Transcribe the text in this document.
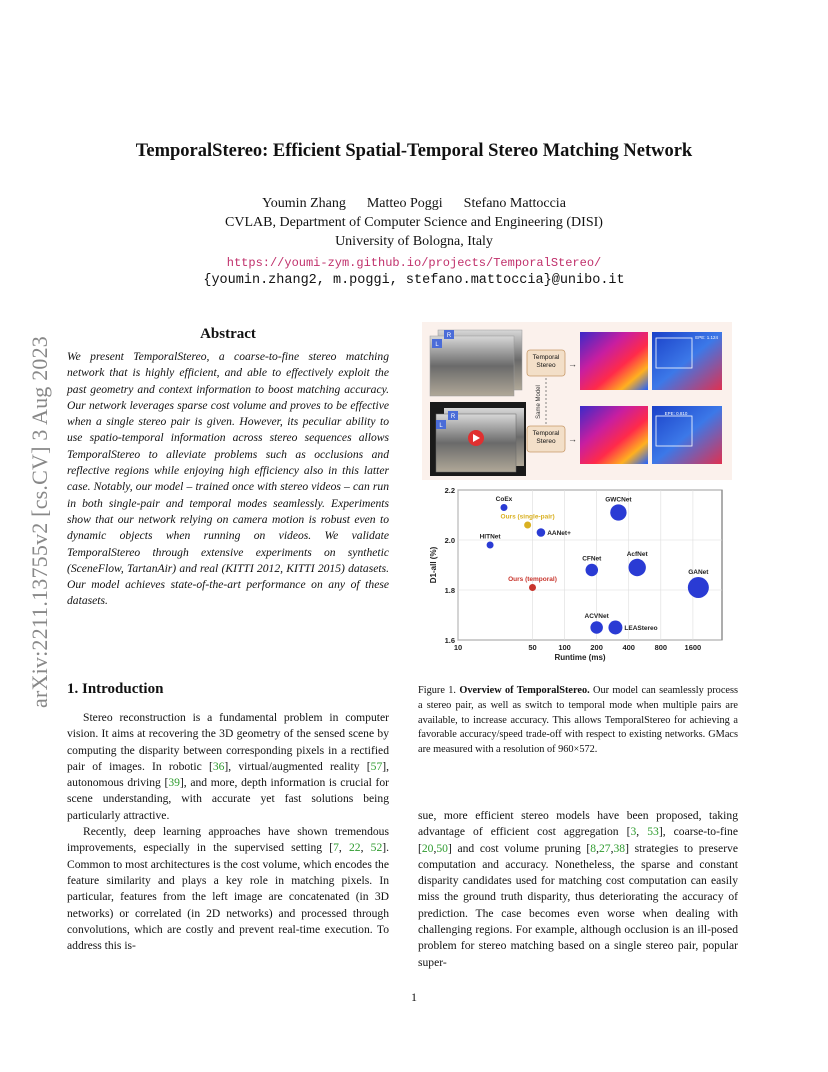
arXiv:2211.13755v2 [cs.CV] 3 Aug 2023
TemporalStereo: Efficient Spatial-Temporal Stereo Matching Network
Youmin Zhang      Matteo Poggi      Stefano Mattoccia
CVLAB, Department of Computer Science and Engineering (DISI)
University of Bologna, Italy
https://youmi-zym.github.io/projects/TemporalStereo/
{youmin.zhang2, m.poggi, stefano.mattoccia}@unibo.it
Abstract
We present TemporalStereo, a coarse-to-fine stereo matching network that is highly efficient, and able to effectively exploit the past geometry and context information to boost matching accuracy. Our network leverages sparse cost volume and proves to be effective when a single stereo pair is given. However, its peculiar ability to use spatio-temporal information across stereo sequences allows TemporalStereo to alleviate problems such as occlusions and reflective regions while enjoying high efficiency also in this latter case. Notably, our model – trained once with stereo videos – can run in both single-pair and temporal modes seamlessly. Experiments show that our network relying on camera motion is robust even to dynamic objects when running on videos. We validate TemporalStereo through extensive experiments on synthetic (SceneFlow, TartanAir) and real (KITTI 2012, KITTI 2015) datasets. Our model achieves state-of-the-art performance on any of these datasets.
1. Introduction

Stereo reconstruction is a fundamental problem in computer vision. It aims at recovering the 3D geometry of the sensed scene by computing the disparity between corresponding pixels in a rectified pair of images. In robotic [36], virtual/augmented reality [57], autonomous driving [39], and more, depth information is crucial for scene understanding, with accurate yet fast solutions being particularly attractive.

Recently, deep learning approaches have shown tremendous improvements, especially in the supervised setting [7, 22, 52]. Common to most architectures is the cost volume, which encodes the feature similarity and plays a key role in matching pixels. In particular, features from the left image are concatenated (in 3D networks) or correlated (in 2D networks) and processed through convolutions, which are costly and prevent real-time execution. To address this is-

R
L
R
L
Temporal Stereo
Temporal Stereo
Same Model
→
→
EPE: 1.124
EPE: 0.810
10	50	100	200	400	800 1600
1.6
1.8
2.0
2.2
Runtime (ms)
D1-all (%)
CoEx	GWCNet
Ours (single-pair)
AANet+
HITNet
CFNet
AcfNet
GANet
Ours (temporal)
ACVNet
LEAStereo
Figure 1. Overview of TemporalStereo. Our model can seamlessly process a stereo pair, as well as switch to temporal mode when multiple pairs are available, to increase accuracy. This allows TemporalStereo for achieving a favorable accuracy/speed trade-off with respect to existing networks. GMacs are measured with a resolution of 960×572.

sue, more efficient stereo models have been proposed, taking advantage of efficient cost aggregation [3, 53], coarse-to-fine [20,50] and cost volume pruning [8,27,38] strategies to preserve computation and accuracy. Nonetheless, the sparse and constant disparity candidates used for matching cost computation can easily miss the ground truth disparity, thus deteriorating the accuracy of prediction. The case becomes even worse when dealing with challenging regions. For example, although occlusion is an ill-posed problem for stereo matching based on a single stereo pair, popular super-

1
